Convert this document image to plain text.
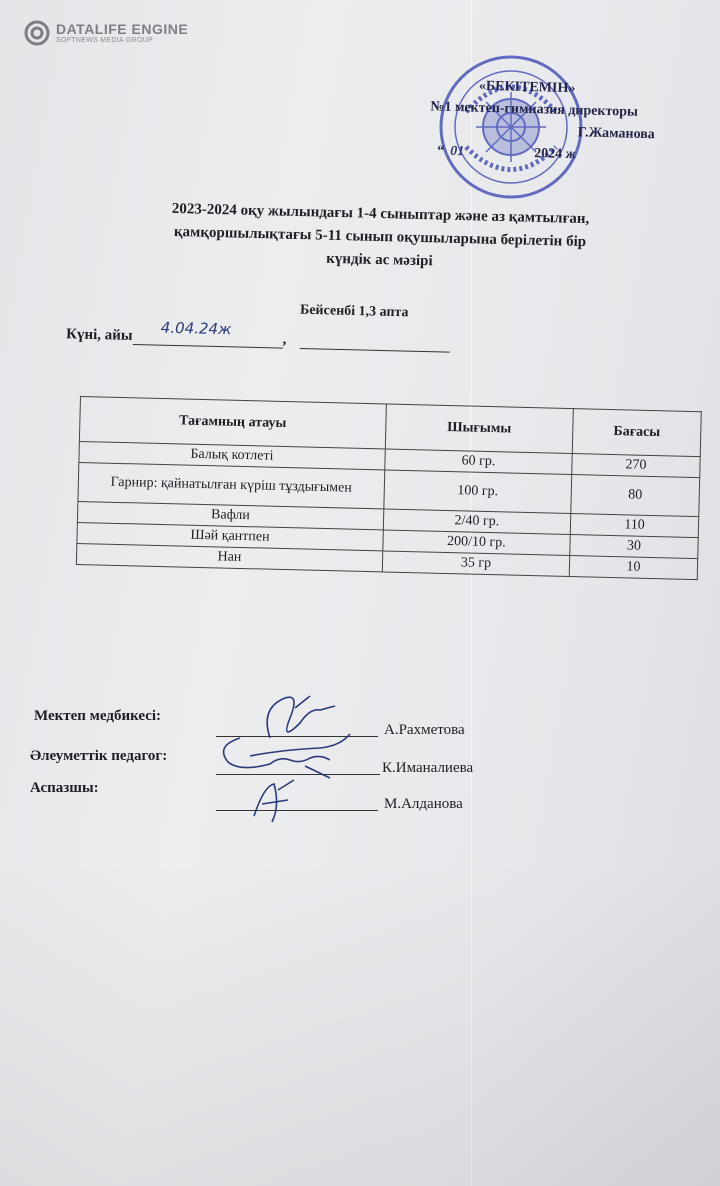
DATALIFE ENGINE
SOFTNEWS MEDIA GROUP
«БЕКІТЕМІН»
№1 мектеп-гимназия директоры
Г.Жаманова
“ 01	2024 ж
2023-2024 оқу жылындағы 1-4 сыныптар және аз қамтылған,
қамқоршылықтағы 5-11 сынып оқушыларына берілетін бір
күндік ас мәзірі
Бейсенбі 1,3 апта
Күні, айы 4.04.24ж
,
Тағамның атауы	Шығымы	Бағасы
Балық котлеті	60 гр.	270
Гарнир: қайнатылған күріш тұздығымен	100 гр.	80
Вафли	2/40 гр.	110
Шәй қантпен	200/10 гр.	30
Нан	35 гр	10
Мектеп медбикесі:
А.Рахметова
Әлеуметтік педагог:
К.Иманалиева
Аспазшы:
М.Алданова
